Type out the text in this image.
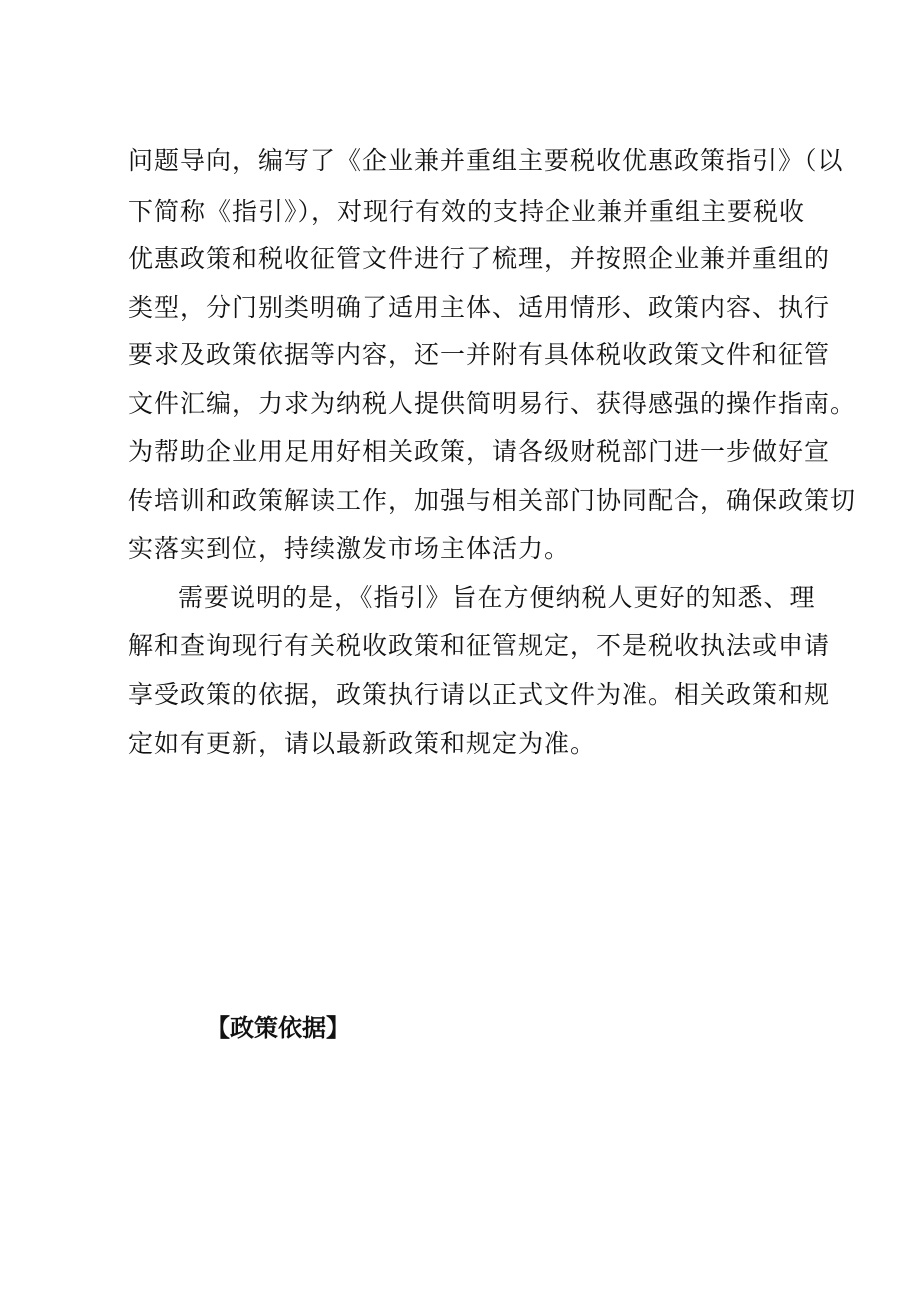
问题导向，编写了《企业兼并重组主要税收优惠政策指引》（以
下简称《指引》），对现行有效的支持企业兼并重组主要税收
优惠政策和税收征管文件进行了梳理，并按照企业兼并重组的
类型，分门别类明确了适用主体、适用情形、政策内容、执行
要求及政策依据等内容，还一并附有具体税收政策文件和征管
文件汇编，力求为纳税人提供简明易行、获得感强的操作指南。
为帮助企业用足用好相关政策，请各级财税部门进一步做好宣
传培训和政策解读工作，加强与相关部门协同配合，确保政策切
实落实到位，持续激发市场主体活力。
需要说明的是，《指引》旨在方便纳税人更好的知悉、理
解和查询现行有关税收政策和征管规定，不是税收执法或申请
享受政策的依据，政策执行请以正式文件为准。相关政策和规
定如有更新，请以最新政策和规定为准。
【政策依据】
